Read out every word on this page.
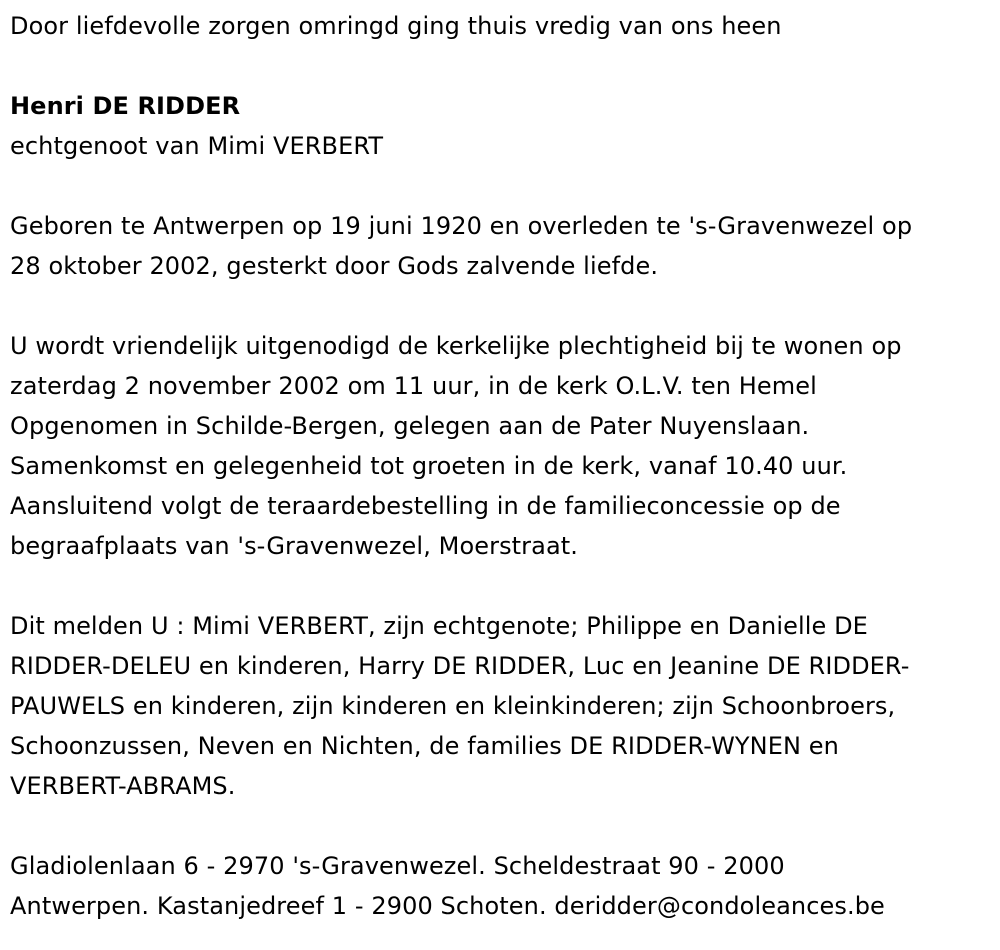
Door liefdevolle zorgen omringd ging thuis vredig van ons heen

Henri DE RIDDER

echtgenoot van Mimi VERBERT

Geboren te Antwerpen op 19 juni 1920 en overleden te 's-Gravenwezel op
28 oktober 2002, gesterkt door Gods zalvende liefde.

U wordt vriendelijk uitgenodigd de kerkelijke plechtigheid bij te wonen op
zaterdag 2 november 2002 om 11 uur, in de kerk O.L.V. ten Hemel
Opgenomen in Schilde-Bergen, gelegen aan de Pater Nuyenslaan.
Samenkomst en gelegenheid tot groeten in de kerk, vanaf 10.40 uur.
Aansluitend volgt de teraardebestelling in de familieconcessie op de
begraafplaats van 's-Gravenwezel, Moerstraat.

Dit melden U : Mimi VERBERT, zijn echtgenote; Philippe en Danielle DE
RIDDER-DELEU en kinderen, Harry DE RIDDER, Luc en Jeanine DE RIDDER-
PAUWELS en kinderen, zijn kinderen en kleinkinderen; zijn Schoonbroers,
Schoonzussen, Neven en Nichten, de families DE RIDDER-WYNEN en
VERBERT-ABRAMS.

Gladiolenlaan 6 - 2970 's-Gravenwezel. Scheldestraat 90 - 2000
Antwerpen. Kastanjedreef 1 - 2900 Schoten. deridder@condoleances.be
